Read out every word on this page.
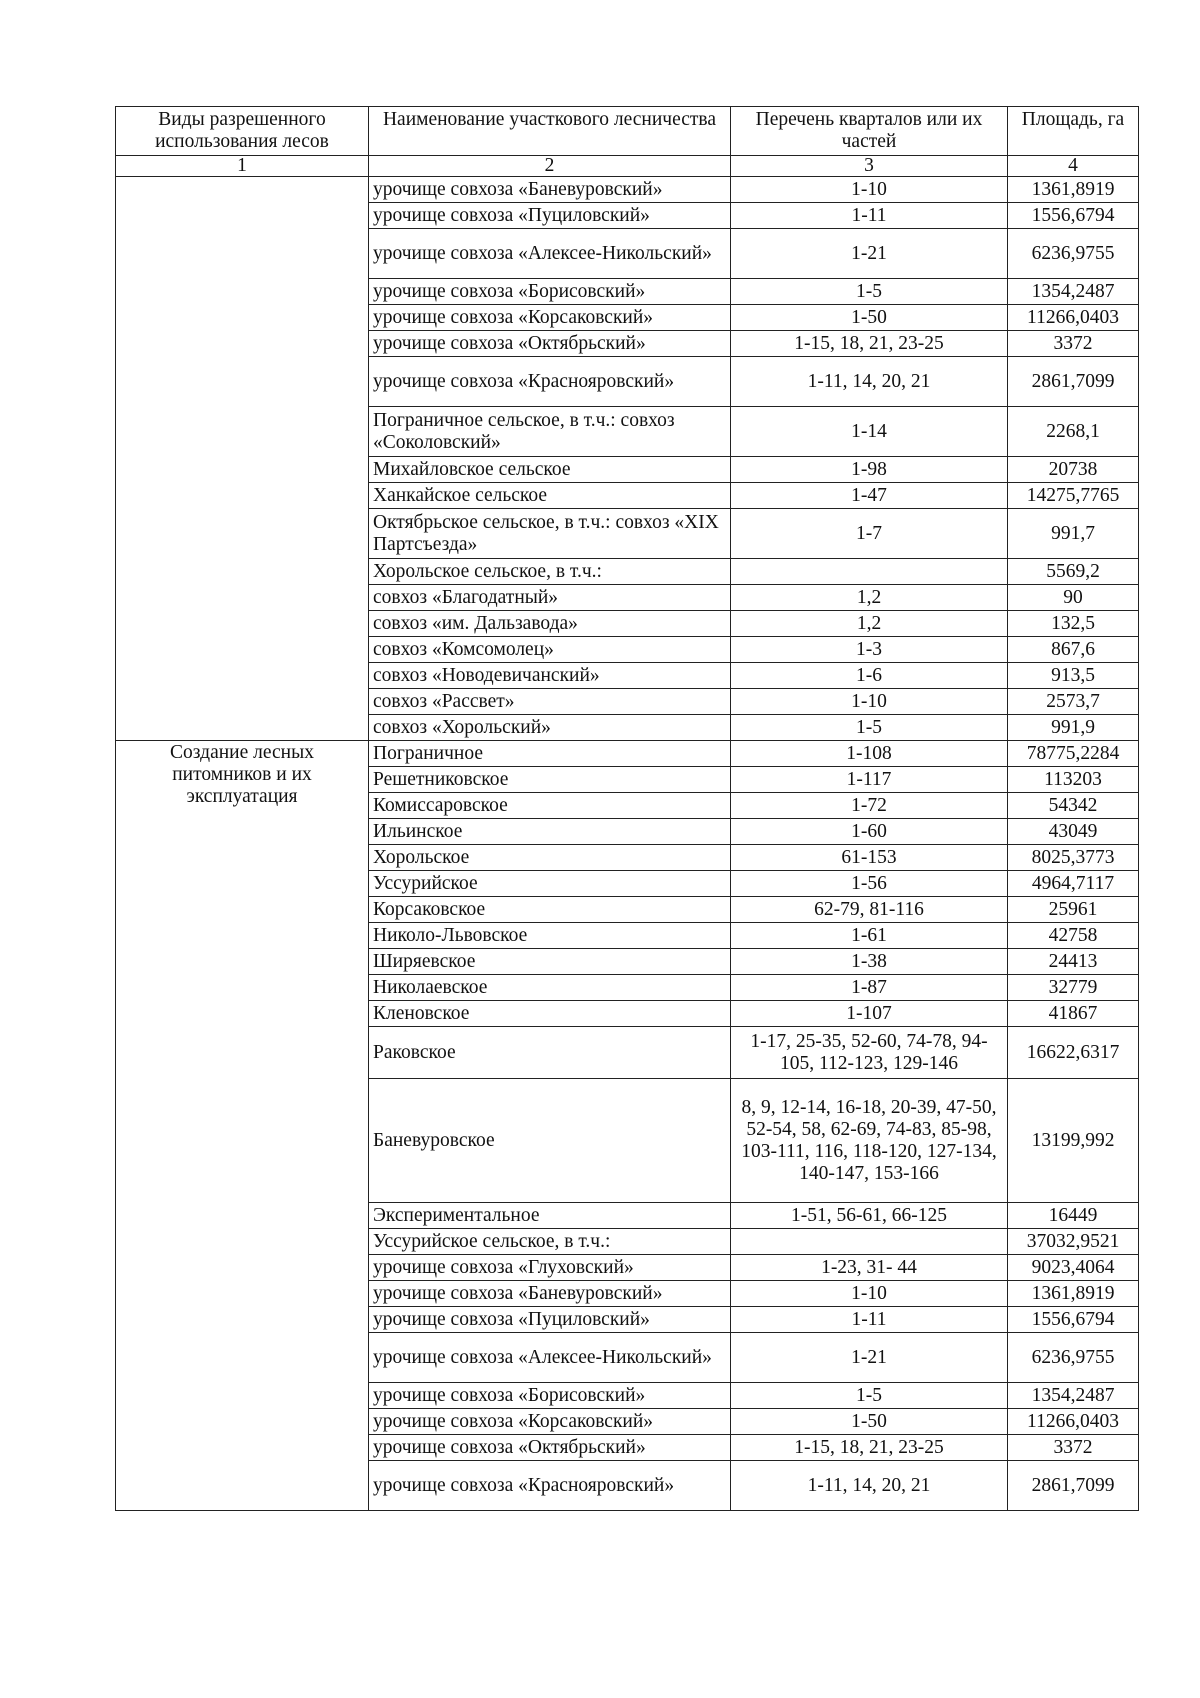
Виды разрешенного использования лесов	Наименование участкового лесничества	Перечень кварталов или их частей	Площадь, га
1	2	3	4
	урочище совхоза «Баневуровский»	1-10	1361,8919
	урочище совхоза «Пуциловский»	1-11	1556,6794
	урочище совхоза «Алексее-Никольский»	1-21	6236,9755
	урочище совхоза «Борисовский»	1-5	1354,2487
	урочище совхоза «Корсаковский»	1-50	11266,0403
	урочище совхоза «Октябрьский»	1-15, 18, 21, 23-25	3372
	урочище совхоза «Краснояровский»	1-11, 14, 20, 21	2861,7099
	Пограничное сельское, в т.ч.: совхоз «Соколовский»	1-14	2268,1
	Михайловское сельское	1-98	20738
	Ханкайское сельское	1-47	14275,7765
	Октябрьское сельское, в т.ч.: совхоз «XIX Партсъезда»	1-7	991,7
	Хорольское сельское, в т.ч.:		5569,2
	совхоз «Благодатный»	1,2	90
	совхоз «им. Дальзавода»	1,2	132,5
	совхоз «Комсомолец»	1-3	867,6
	совхоз «Новодевичанский»	1-6	913,5
	совхоз «Рассвет»	1-10	2573,7
	совхоз «Хорольский»	1-5	991,9
Создание лесных питомников и их эксплуатация	Пограничное	1-108	78775,2284
	Решетниковское	1-117	113203
	Комиссаровское	1-72	54342
	Ильинское	1-60	43049
	Хорольское	61-153	8025,3773
	Уссурийское	1-56	4964,7117
	Корсаковское	62-79, 81-116	25961
	Николо-Львовское	1-61	42758
	Ширяевское	1-38	24413
	Николаевское	1-87	32779
	Кленовское	1-107	41867
	Раковское	1-17, 25-35, 52-60, 74-78, 94-105, 112-123, 129-146	16622,6317
	Баневуровское	8, 9, 12-14, 16-18, 20-39, 47-50, 52-54, 58, 62-69, 74-83, 85-98, 103-111, 116, 118-120, 127-134, 140-147, 153-166	13199,992
	Экспериментальное	1-51, 56-61, 66-125	16449
	Уссурийское сельское, в т.ч.:		37032,9521
	урочище совхоза «Глуховский»	1-23, 31- 44	9023,4064
	урочище совхоза «Баневуровский»	1-10	1361,8919
	урочище совхоза «Пуциловский»	1-11	1556,6794
	урочище совхоза «Алексее-Никольский»	1-21	6236,9755
	урочище совхоза «Борисовский»	1-5	1354,2487
	урочище совхоза «Корсаковский»	1-50	11266,0403
	урочище совхоза «Октябрьский»	1-15, 18, 21, 23-25	3372
	урочище совхоза «Краснояровский»	1-11, 14, 20, 21	2861,7099
